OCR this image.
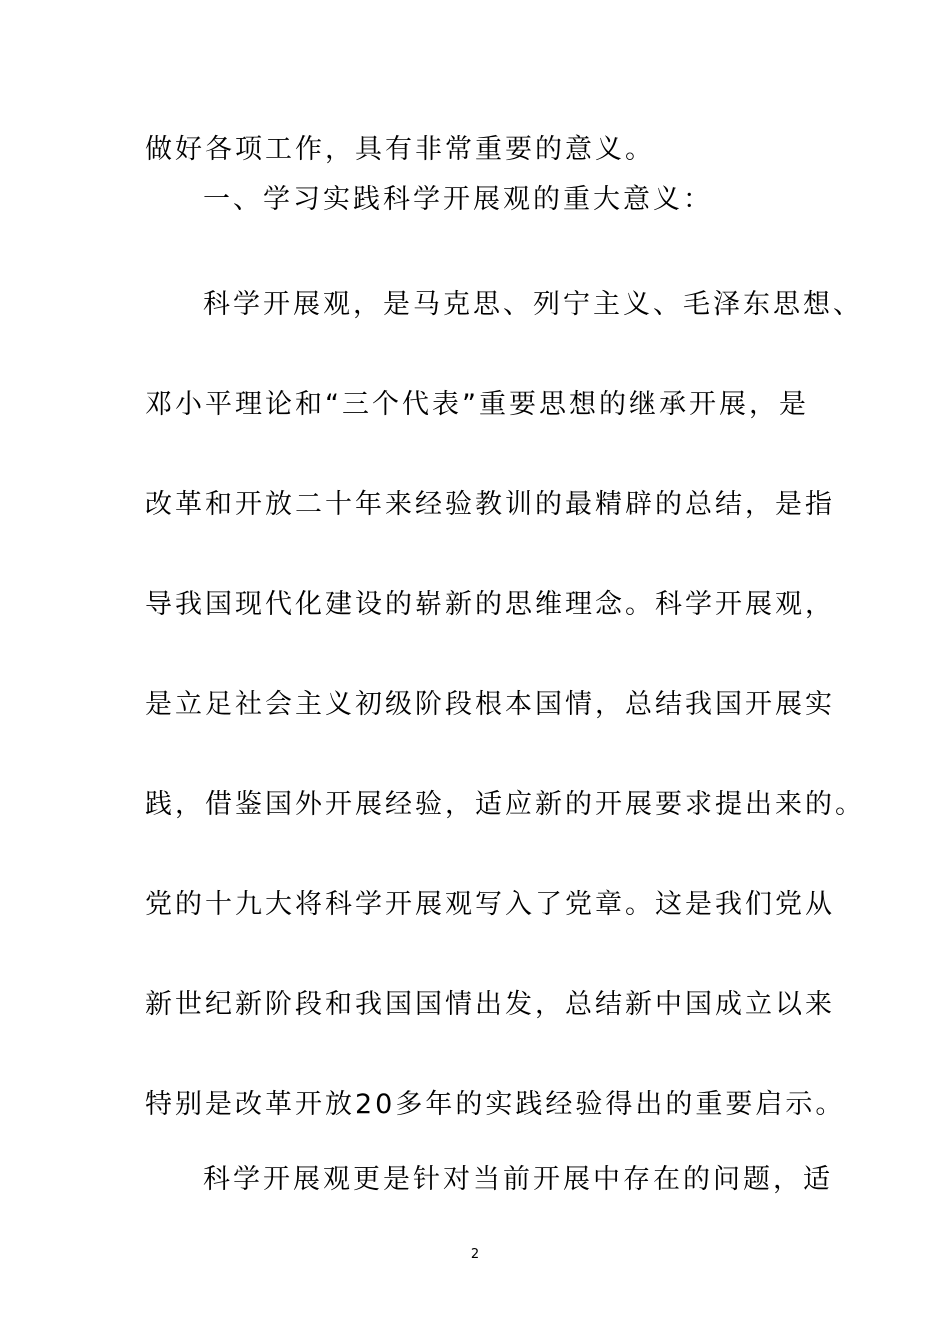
做好各项工作，具有非常重要的意义。
一、学习实践科学开展观的重大意义：
科学开展观，是马克思、列宁主义、毛泽东思想、
邓小平理论和“三个代表”重要思想的继承开展，是
改革和开放二十年来经验教训的最精辟的总结，是指
导我国现代化建设的崭新的思维理念。科学开展观，
是立足社会主义初级阶段根本国情，总结我国开展实
践，借鉴国外开展经验，适应新的开展要求提出来的。
党的十九大将科学开展观写入了党章。这是我们党从
新世纪新阶段和我国国情出发，总结新中国成立以来
特别是改革开放20多年的实践经验得出的重要启示。
科学开展观更是针对当前开展中存在的问题，适
2
